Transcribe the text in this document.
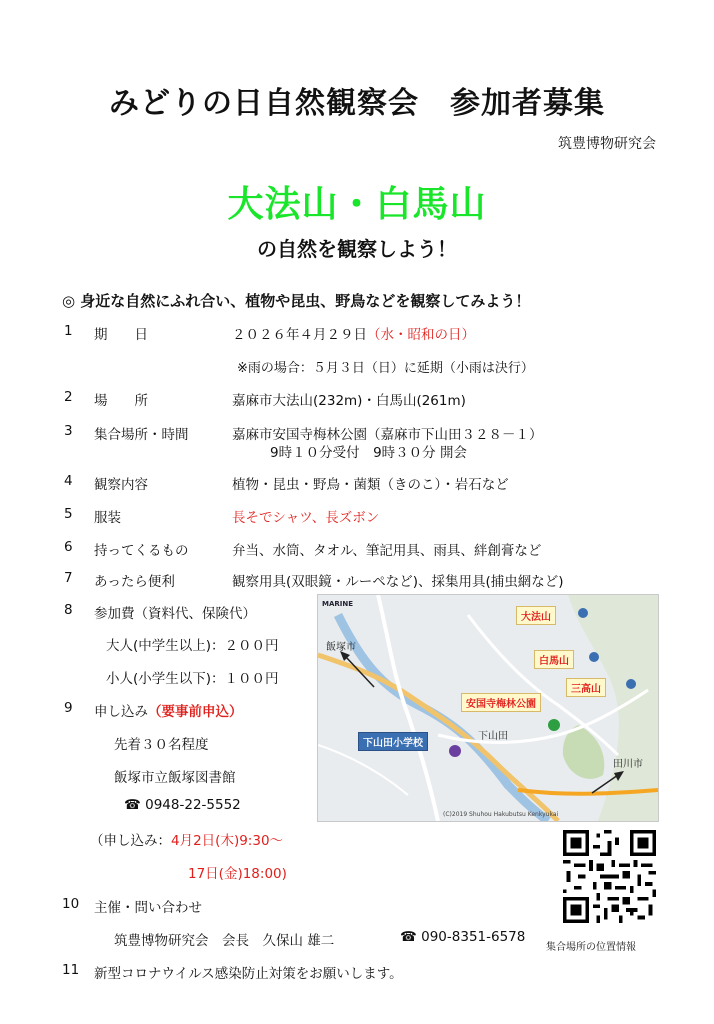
みどりの日自然観察会　参加者募集
筑豊博物研究会
大法山・白馬山
の自然を観察しよう！
◎ 身近な自然にふれ合い、植物や昆虫、野鳥などを観察してみよう！
1 期　　日	２０２６年４月２９日（水・昭和の日）
※雨の場合：５月３日（日）に延期（小雨は決行）
2 場　　所	嘉麻市大法山(232m)・白馬山(261m)
3 集合場所・時間	嘉麻市安国寺梅林公園（嘉麻市下山田３２８－１）
9時１０分受付　9時３０分 開会
4 観察内容	植物・昆虫・野鳥・菌類（きのこ）・岩石など
5 服装	長そでシャツ、長ズボン
6 持ってくるもの	弁当、水筒、タオル、筆記用具、雨具、絆創膏など
7 あったら便利	観察用具(双眼鏡・ルーペなど)、採集用具(捕虫網など)
8 参加費（資料代、保険代）
大人(中学生以上)：２００円
小人(小学生以下)：１００円
9 申し込み（要事前申込）
先着３０名程度
飯塚市立飯塚図書館
☎ 0948-22-5552
（申し込み：4月2日(木)9:30～
17日(金)18:00)
10 主催・問い合わせ
筑豊博物研究会　会長　久保山 雄二	☎ 090-8351-6578
11 新型コロナウイルス感染防止対策をお願いします。
MARINE
大法山
白馬山
三高山
安国寺梅林公園
下山田小学校
飯塚市
田川市
下山田
(C)2019 Shuhou Hakubutsu Kenkyukai
集合場所の位置情報
